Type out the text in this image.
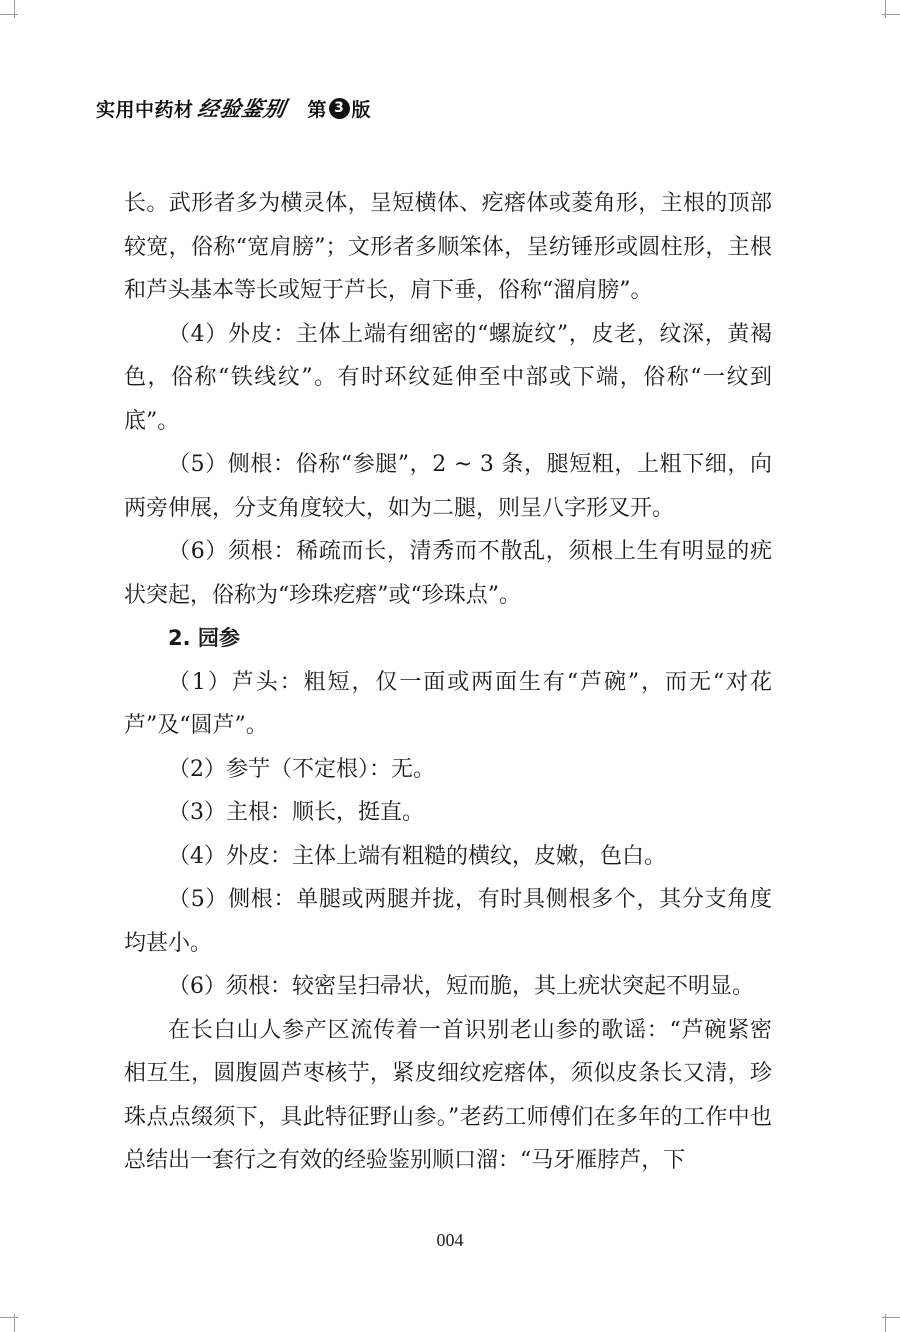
实用中药材 经验鉴别 第 3 版

长。武形者多为横灵体，呈短横体、疙瘩体或菱角形，主根的顶部较宽，俗称“宽肩膀”；文形者多顺笨体，呈纺锤形或圆柱形，主根和芦头基本等长或短于芦长，肩下垂，俗称“溜肩膀”。

（4）外皮：主体上端有细密的“螺旋纹”，皮老，纹深，黄褐色，俗称“铁线纹”。有时环纹延伸至中部或下端，俗称“一纹到底”。

（5）侧根：俗称“参腿”，2 ~ 3 条，腿短粗，上粗下细，向两旁伸展，分支角度较大，如为二腿，则呈八字形叉开。

（6）须根：稀疏而长，清秀而不散乱，须根上生有明显的疣状突起，俗称为“珍珠疙瘩”或“珍珠点”。

2. 园参

（1）芦头：粗短，仅一面或两面生有“芦碗”，而无“对花芦”及“圆芦”。

（2）参艼（不定根）：无。

（3）主根：顺长，挺直。

（4）外皮：主体上端有粗糙的横纹，皮嫩，色白。

（5）侧根：单腿或两腿并拢，有时具侧根多个，其分支角度均甚小。

（6）须根：较密呈扫帚状，短而脆，其上疣状突起不明显。

在长白山人参产区流传着一首识别老山参的歌谣：“芦碗紧密相互生，圆腹圆芦枣核艼，紧皮细纹疙瘩体，须似皮条长又清，珍珠点点缀须下，具此特征野山参。”老药工师傅们在多年的工作中也总结出一套行之有效的经验鉴别顺口溜：“马牙雁脖芦，下

004
